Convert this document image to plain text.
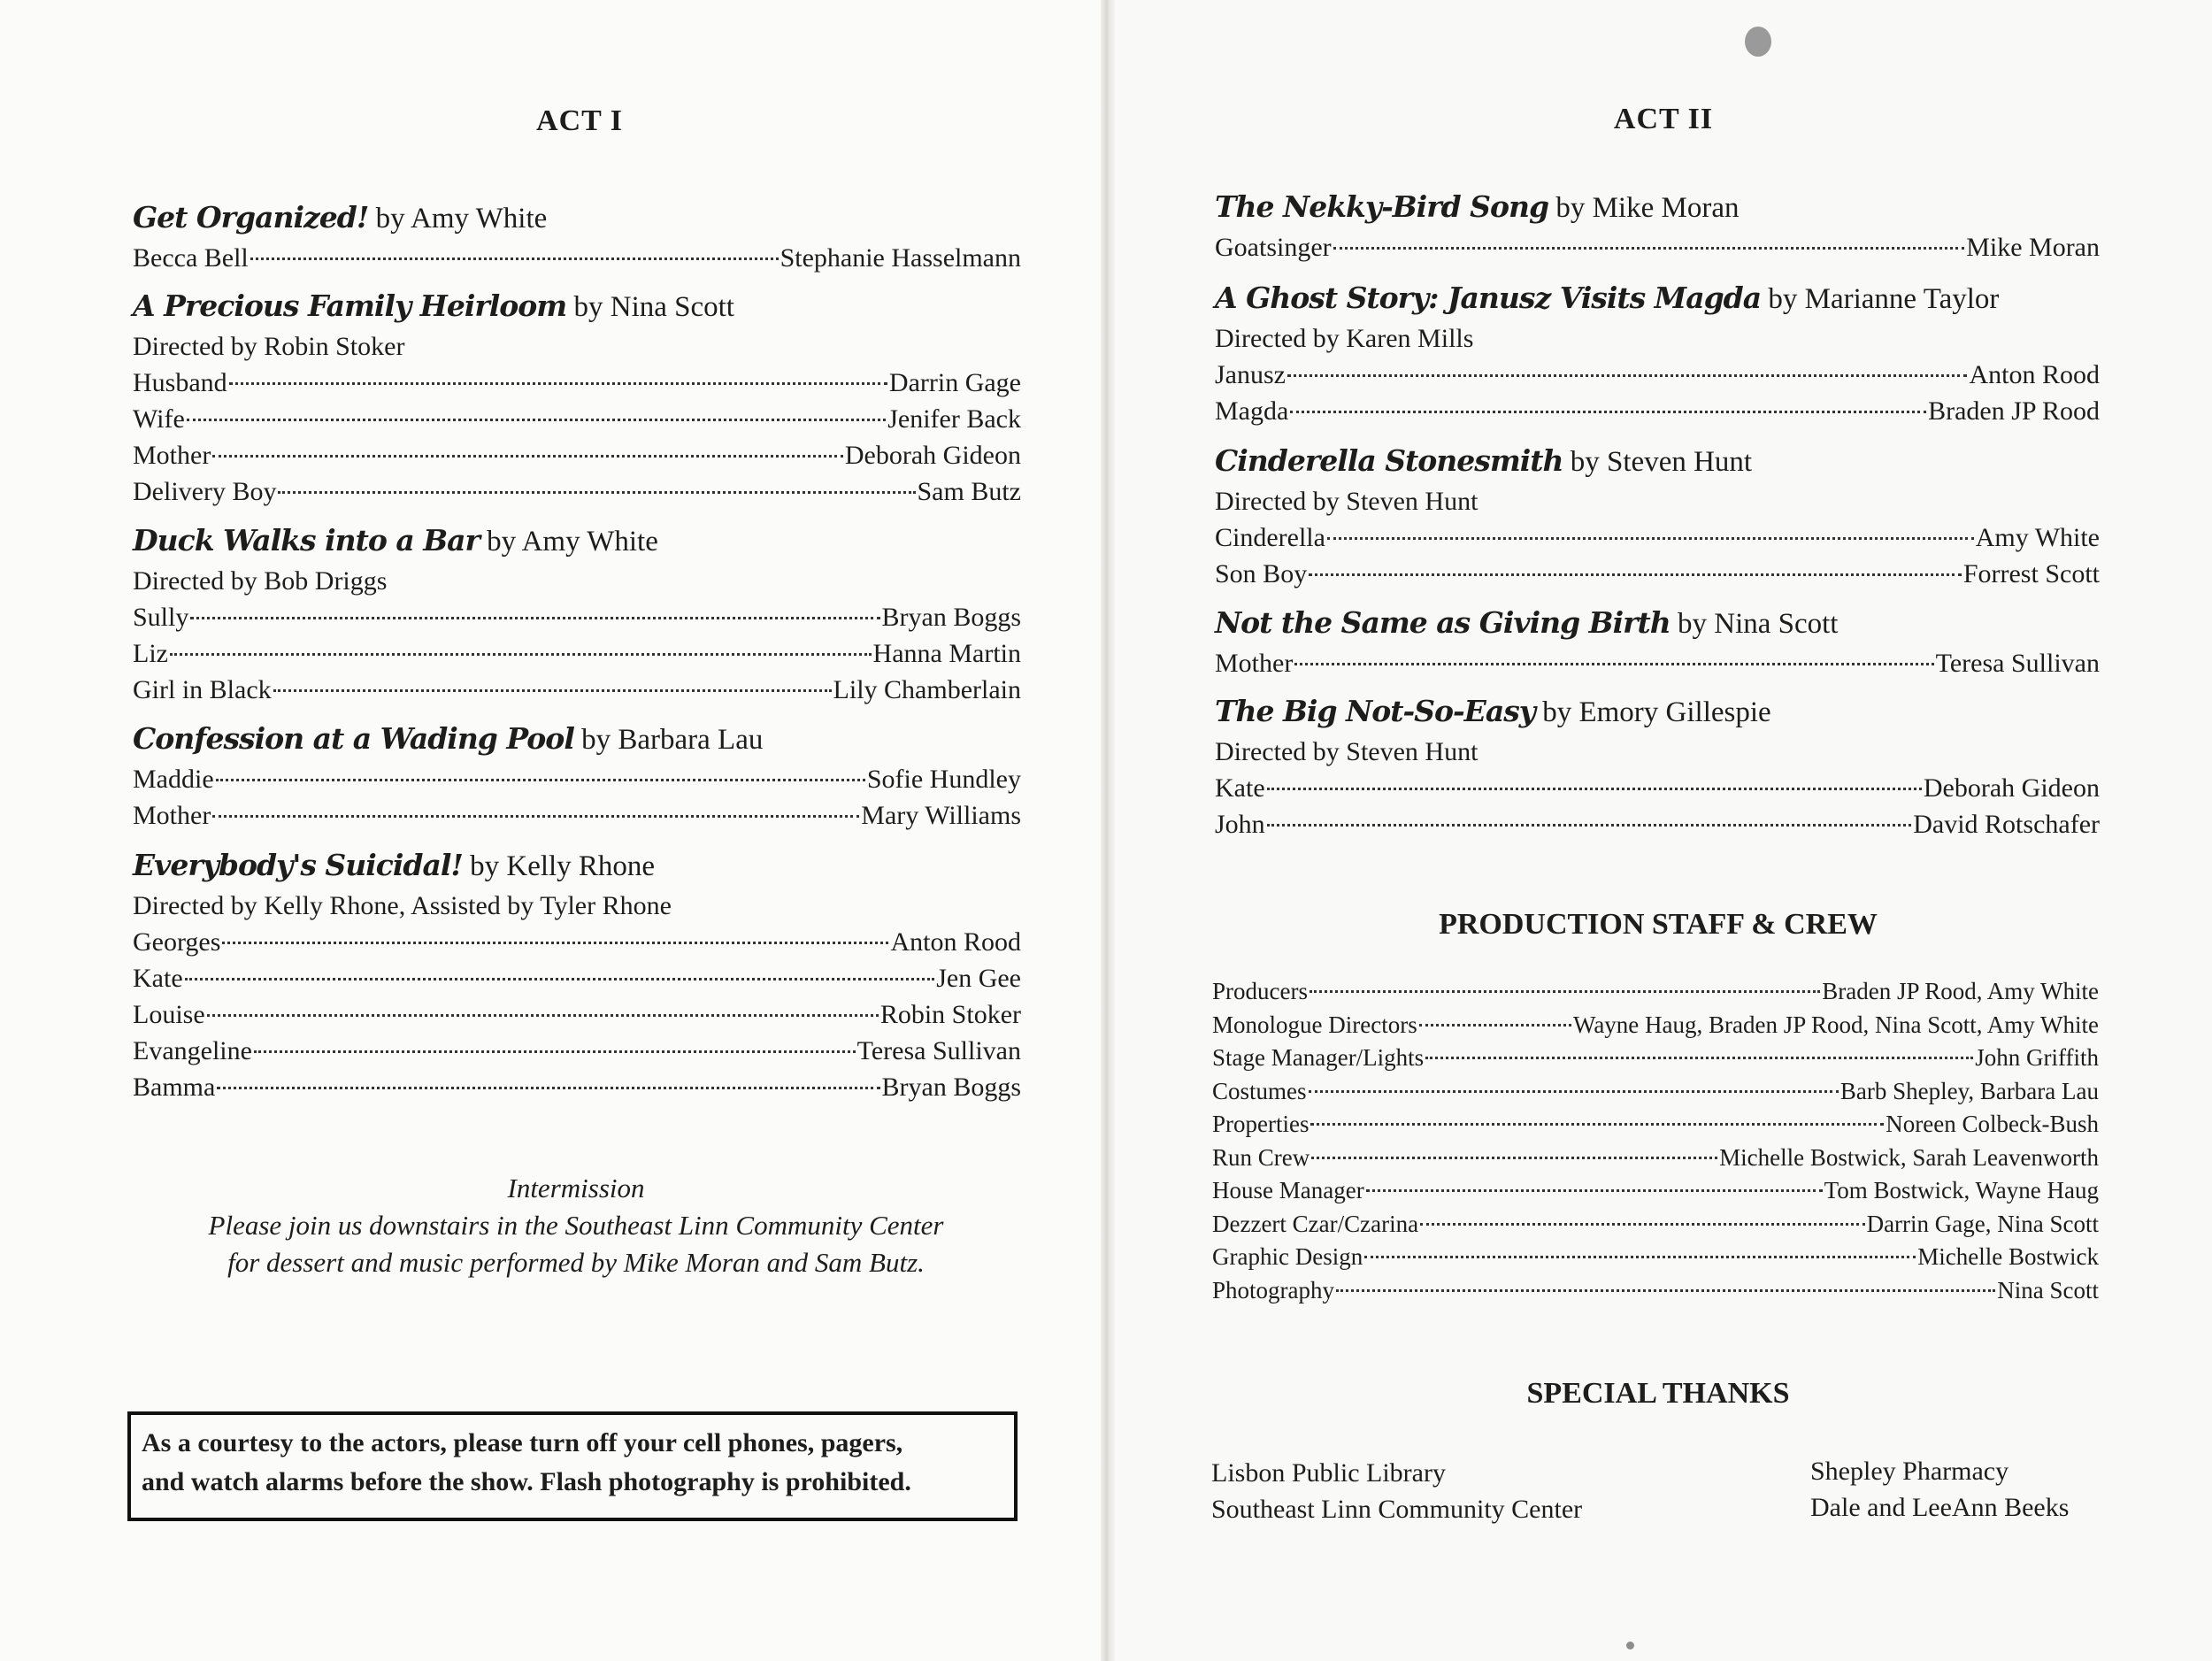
ACT I
Get Organized! by Amy White
Becca Bell	Stephanie Hasselmann
A Precious Family Heirloom by Nina Scott
Directed by Robin Stoker
Husband	Darrin Gage
Wife	Jenifer Back
Mother	Deborah Gideon
Delivery Boy	Sam Butz
Duck Walks into a Bar by Amy White
Directed by Bob Driggs
Sully	Bryan Boggs
Liz	Hanna Martin
Girl in Black	Lily Chamberlain
Confession at a Wading Pool by Barbara Lau
Maddie	Sofie Hundley
Mother	Mary Williams
Everybody's Suicidal! by Kelly Rhone
Directed by Kelly Rhone, Assisted by Tyler Rhone
Georges	Anton Rood
Kate	Jen Gee
Louise	Robin Stoker
Evangeline	Teresa Sullivan
Bamma	Bryan Boggs
Intermission
Please join us downstairs in the Southeast Linn Community Center
for dessert and music performed by Mike Moran and Sam Butz.
As a courtesy to the actors, please turn off your cell phones, pagers,
and watch alarms before the show. Flash photography is prohibited.
ACT II
The Nekky-Bird Song by Mike Moran
Goatsinger	Mike Moran
A Ghost Story: Janusz Visits Magda by Marianne Taylor
Directed by Karen Mills
Janusz	Anton Rood
Magda	Braden JP Rood
Cinderella Stonesmith by Steven Hunt
Directed by Steven Hunt
Cinderella	Amy White
Son Boy	Forrest Scott
Not the Same as Giving Birth by Nina Scott
Mother	Teresa Sullivan
The Big Not-So-Easy by Emory Gillespie
Directed by Steven Hunt
Kate	Deborah Gideon
John	David Rotschafer
PRODUCTION STAFF & CREW
Producers	Braden JP Rood, Amy White
Monologue Directors	Wayne Haug, Braden JP Rood, Nina Scott, Amy White
Stage Manager/Lights	John Griffith
Costumes	Barb Shepley, Barbara Lau
Properties	Noreen Colbeck-Bush
Run Crew	Michelle Bostwick, Sarah Leavenworth
House Manager	Tom Bostwick, Wayne Haug
Dezzert Czar/Czarina	Darrin Gage, Nina Scott
Graphic Design	Michelle Bostwick
Photography	Nina Scott
SPECIAL THANKS
Lisbon Public Library
Southeast Linn Community Center
Shepley Pharmacy
Dale and LeeAnn Beeks
